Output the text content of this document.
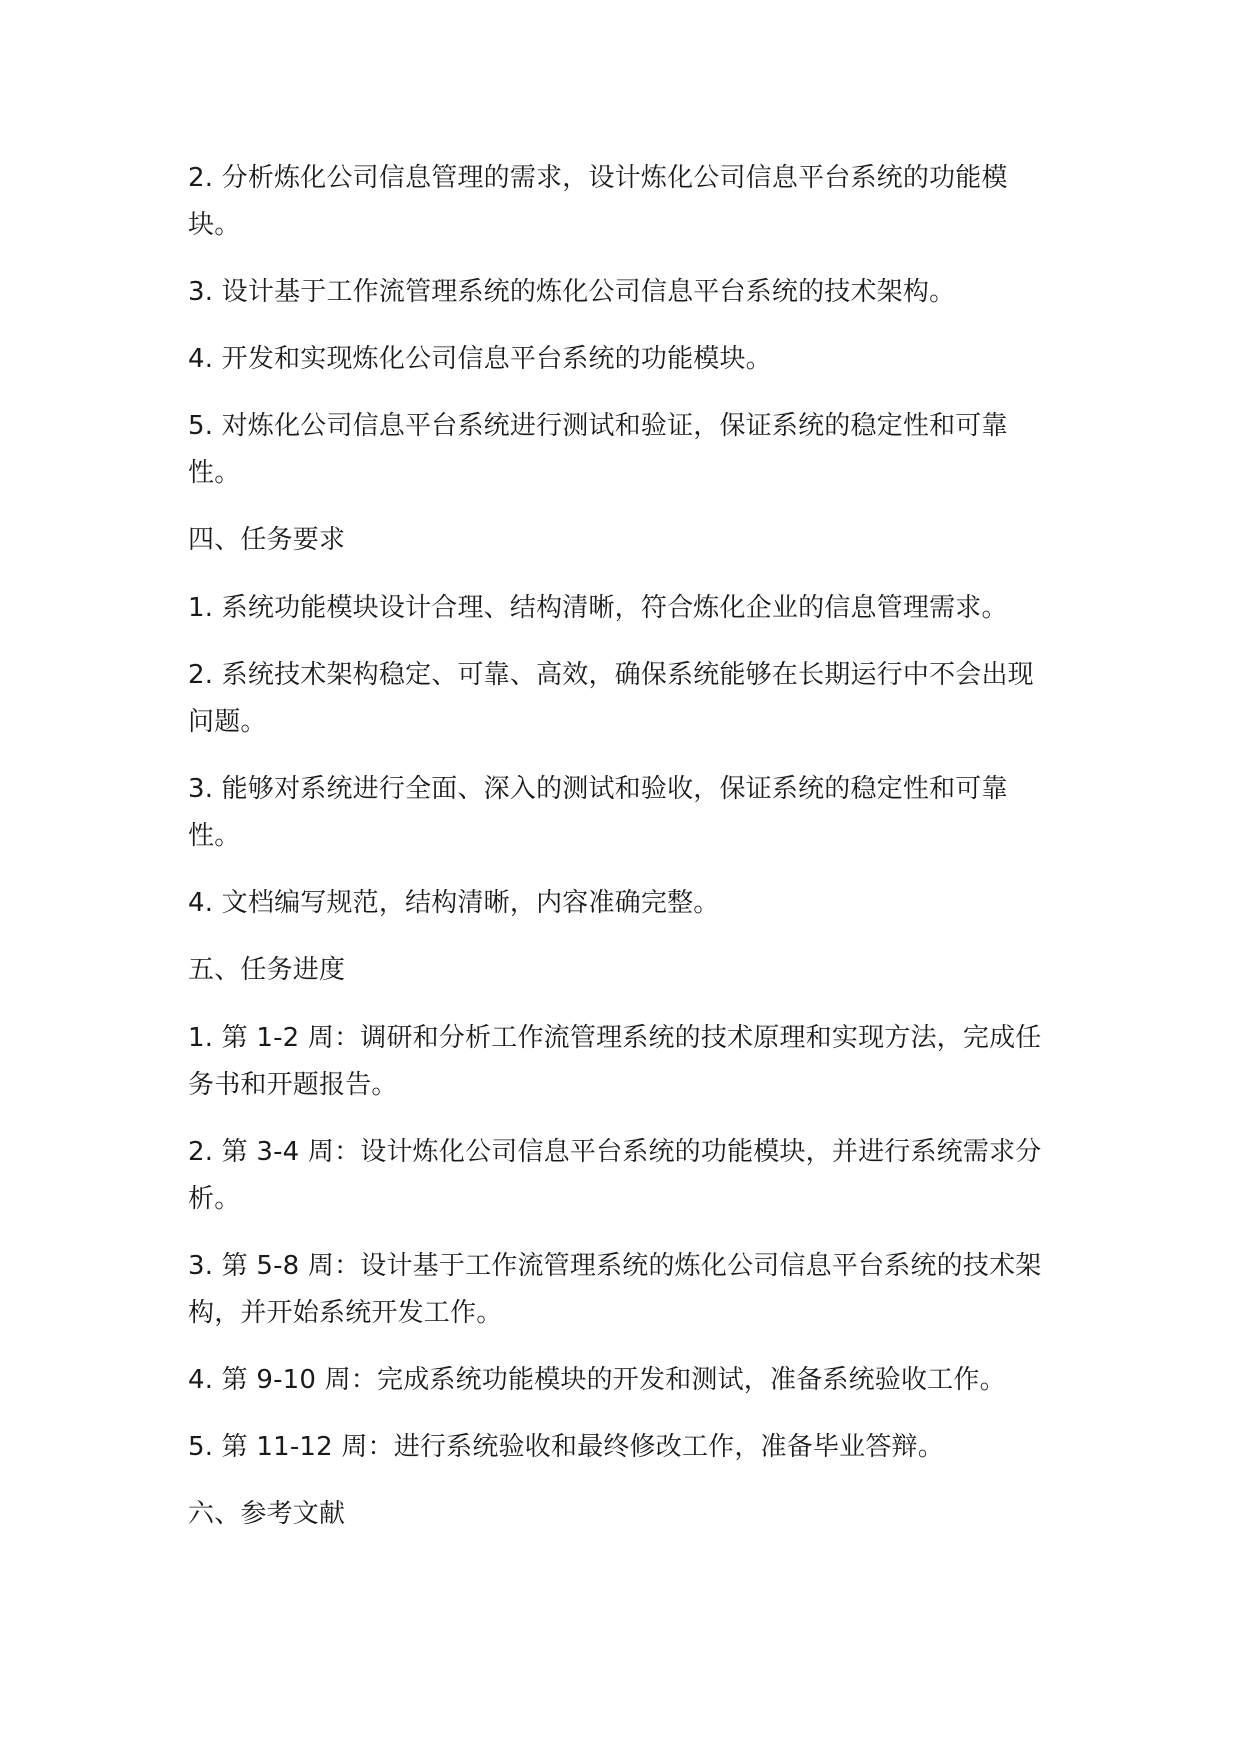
2. 分析炼化公司信息管理的需求，设计炼化公司信息平台系统的功能模块。

3. 设计基于工作流管理系统的炼化公司信息平台系统的技术架构。

4. 开发和实现炼化公司信息平台系统的功能模块。

5. 对炼化公司信息平台系统进行测试和验证，保证系统的稳定性和可靠性。

四、任务要求

1. 系统功能模块设计合理、结构清晰，符合炼化企业的信息管理需求。

2. 系统技术架构稳定、可靠、高效，确保系统能够在长期运行中不会出现问题。

3. 能够对系统进行全面、深入的测试和验收，保证系统的稳定性和可靠性。

4. 文档编写规范，结构清晰，内容准确完整。

五、任务进度

1. 第 1-2 周：调研和分析工作流管理系统的技术原理和实现方法，完成任务书和开题报告。

2. 第 3-4 周：设计炼化公司信息平台系统的功能模块，并进行系统需求分析。

3. 第 5-8 周：设计基于工作流管理系统的炼化公司信息平台系统的技术架构，并开始系统开发工作。

4. 第 9-10 周：完成系统功能模块的开发和测试，准备系统验收工作。

5. 第 11-12 周：进行系统验收和最终修改工作，准备毕业答辩。

六、参考文献
